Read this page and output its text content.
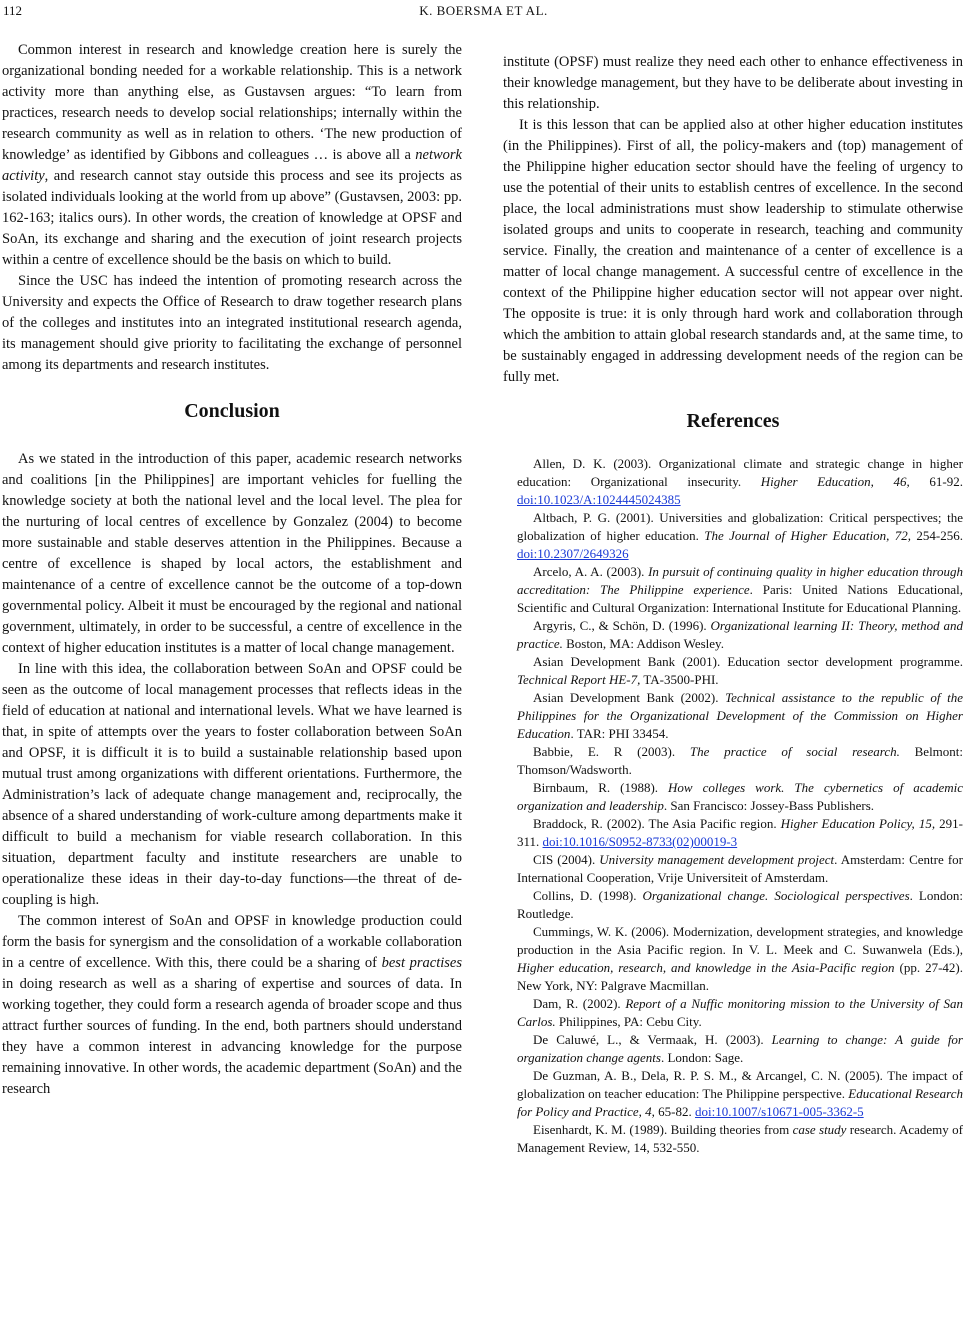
112	K. BOERSMA ET AL.

Common interest in research and knowledge creation here is surely the organizational bonding needed for a workable relationship. This is a network activity more than anything else, as Gustavsen argues: “To learn from practices, research needs to develop social relationships; internally within the research community as well as in relation to others. ‘The new production of knowledge’ as identified by Gibbons and colleagues … is above all a network activity, and research cannot stay outside this process and see its projects as isolated individuals looking at the world from up above” (Gustavsen, 2003: pp. 162-163; italics ours). In other words, the creation of knowledge at OPSF and SoAn, its exchange and sharing and the execution of joint research projects within a centre of excellence should be the basis on which to build.

Since the USC has indeed the intention of promoting research across the University and expects the Office of Research to draw together research plans of the colleges and institutes into an integrated institutional research agenda, its management should give priority to facilitating the exchange of personnel among its departments and research institutes.

Conclusion

As we stated in the introduction of this paper, academic research networks and coalitions [in the Philippines] are important vehicles for fuelling the knowledge society at both the national level and the local level. The plea for the nurturing of local centres of excellence by Gonzalez (2004) to become more sustainable and stable deserves attention in the Philippines. Because a centre of excellence is shaped by local actors, the establishment and maintenance of a centre of excellence cannot be the outcome of a top-down governmental policy. Albeit it must be encouraged by the regional and national government, ultimately, in order to be successful, a centre of excellence in the context of higher education institutes is a matter of local change management.

In line with this idea, the collaboration between SoAn and OPSF could be seen as the outcome of local management processes that reflects ideas in the field of education at national and international levels. What we have learned is that, in spite of attempts over the years to foster collaboration between SoAn and OPSF, it is difficult it is to build a sustainable relationship based upon mutual trust among organizations with different orientations. Furthermore, the Administration’s lack of adequate change management and, reciprocally, the absence of a shared understanding of work-culture among departments make it difficult to build a mechanism for viable research collaboration. In this situation, department faculty and institute researchers are unable to operationalize these ideas in their day-to-day functions—the threat of de-coupling is high.

The common interest of SoAn and OPSF in knowledge production could form the basis for synergism and the consolidation of a workable collaboration in a centre of excellence. With this, there could be a sharing of best practises in doing research as well as a sharing of expertise and sources of data. In working together, they could form a research agenda of broader scope and thus attract further sources of funding. In the end, both partners should understand they have a common interest in advancing knowledge for the purpose remaining innovative. In other words, the academic department (SoAn) and the research

institute (OPSF) must realize they need each other to enhance effectiveness in their knowledge management, but they have to be deliberate about investing in this relationship.

It is this lesson that can be applied also at other higher education institutes (in the Philippines). First of all, the policy-makers and (top) management of the Philippine higher education sector should have the feeling of urgency to use the potential of their units to establish centres of excellence. In the second place, the local administrations must show leadership to stimulate otherwise isolated groups and units to cooperate in research, teaching and community service. Finally, the creation and maintenance of a center of excellence is a matter of local change management. A successful centre of excellence in the context of the Philippine higher education sector will not appear over night. The opposite is true: it is only through hard work and collaboration through which the ambition to attain global research standards and, at the same time, to be sustainably engaged in addressing development needs of the region can be fully met.

References

Allen, D. K. (2003). Organizational climate and strategic change in higher education: Organizational insecurity. Higher Education, 46, 61-92. doi:10.1023/A:1024445024385

Altbach, P. G. (2001). Universities and globalization: Critical perspectives; the globalization of higher education. The Journal of Higher Education, 72, 254-256. doi:10.2307/2649326

Arcelo, A. A. (2003). In pursuit of continuing quality in higher education through accreditation: The Philippine experience. Paris: United Nations Educational, Scientific and Cultural Organization: International Institute for Educational Planning.

Argyris, C., & Schön, D. (1996). Organizational learning II: Theory, method and practice. Boston, MA: Addison Wesley.

Asian Development Bank (2001). Education sector development programme. Technical Report HE-7, TA-3500-PHI.

Asian Development Bank (2002). Technical assistance to the republic of the Philippines for the Organizational Development of the Commission on Higher Education. TAR: PHI 33454.

Babbie, E. R (2003). The practice of social research. Belmont: Thomson/Wadsworth.

Birnbaum, R. (1988). How colleges work. The cybernetics of academic organization and leadership. San Francisco: Jossey-Bass Publishers.

Braddock, R. (2002). The Asia Pacific region. Higher Education Policy, 15, 291-311. doi:10.1016/S0952-8733(02)00019-3

CIS (2004). University management development project. Amsterdam: Centre for International Cooperation, Vrije Universiteit of Amsterdam.

Collins, D. (1998). Organizational change. Sociological perspectives. London: Routledge.

Cummings, W. K. (2006). Modernization, development strategies, and knowledge production in the Asia Pacific region. In V. L. Meek and C. Suwanwela (Eds.), Higher education, research, and knowledge in the Asia-Pacific region (pp. 27-42). New York, NY: Palgrave Macmillan.

Dam, R. (2002). Report of a Nuffic monitoring mission to the University of San Carlos. Philippines, PA: Cebu City.

De Caluwé, L., & Vermaak, H. (2003). Learning to change: A guide for organization change agents. London: Sage.

De Guzman, A. B., Dela, R. P. S. M., & Arcangel, C. N. (2005). The impact of globalization on teacher education: The Philippine perspective. Educational Research for Policy and Practice, 4, 65-82. doi:10.1007/s10671-005-3362-5

Eisenhardt, K. M. (1989). Building theories from case study research. Academy of Management Review, 14, 532-550.
